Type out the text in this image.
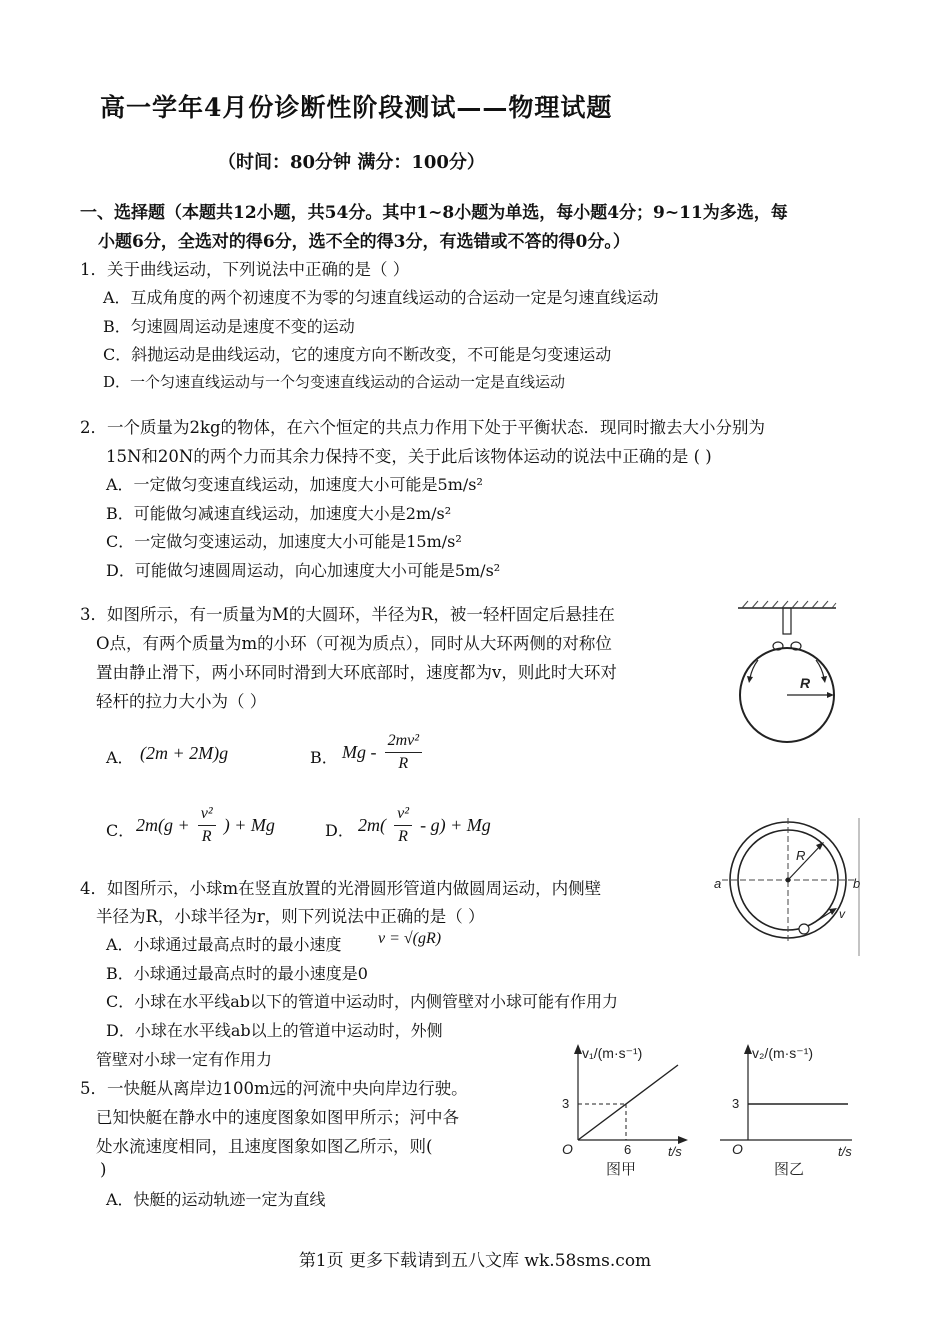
高一学年4月份诊断性阶段测试——物理试题
（时间：80分钟 满分：100分）
一、选择题（本题共12小题，共54分。其中1~8小题为单选，每小题4分；9~11为多选，每
小题6分，全选对的得6分，选不全的得3分，有选错或不答的得0分。）
1．关于曲线运动，下列说法中正确的是（ ）
A．互成角度的两个初速度不为零的匀速直线运动的合运动一定是匀速直线运动
B．匀速圆周运动是速度不变的运动
C．斜抛运动是曲线运动，它的速度方向不断改变，不可能是匀变速运动
D．一个匀速直线运动与一个匀变速直线运动的合运动一定是直线运动
2．一个质量为2kg的物体，在六个恒定的共点力作用下处于平衡状态．现同时撤去大小分别为
15N和20N的两个力而其余力保持不变，关于此后该物体运动的说法中正确的是 ( )
A．一定做匀变速直线运动，加速度大小可能是5m/s²
B．可能做匀减速直线运动，加速度大小是2m/s²
C．一定做匀变速运动，加速度大小可能是15m/s²
D．可能做匀速圆周运动，向心加速度大小可能是5m/s²
3．如图所示，有一质量为M的大圆环，半径为R，被一轻杆固定后悬挂在
O点，有两个质量为m的小环（可视为质点），同时从大环两侧的对称位
置由静止滑下，两小环同时滑到大环底部时，速度都为v，则此时大环对
轻杆的拉力大小为（ ）
A． (2m + 2M)g	B． Mg - $\frac{\text{2mv²}}{R}$
C． $2m(g + \frac{\text{v²}}{R}$ ) + Mg	D． $2m( \frac{\text{v²}}{R} - g) + Mg$
R
4．如图所示，小球m在竖直放置的光滑圆形管道内做圆周运动，内侧壁
半径为R，小球半径为r，则下列说法中正确的是（ ）
A．小球通过最高点时的最小速度 v = √(gR)
B．小球通过最高点时的最小速度是0
C．小球在水平线ab以下的管道中运动时，内侧管壁对小球可能有作用力
D．小球在水平线ab以上的管道中运动时，外侧
管壁对小球一定有作用力
R
a	b
v
5．一快艇从离岸边100m远的河流中央向岸边行驶。
已知快艇在静水中的速度图象如图甲所示；河中各
处水流速度相同，且速度图象如图乙所示，则(
)
A．快艇的运动轨迹一定为直线
v₁/(m·s⁻¹)
t/s
O
3
6
图甲
v₂/(m·s⁻¹)
t/s
O
3
图乙
第1页 更多下载请到五八文库 wk.58sms.com
